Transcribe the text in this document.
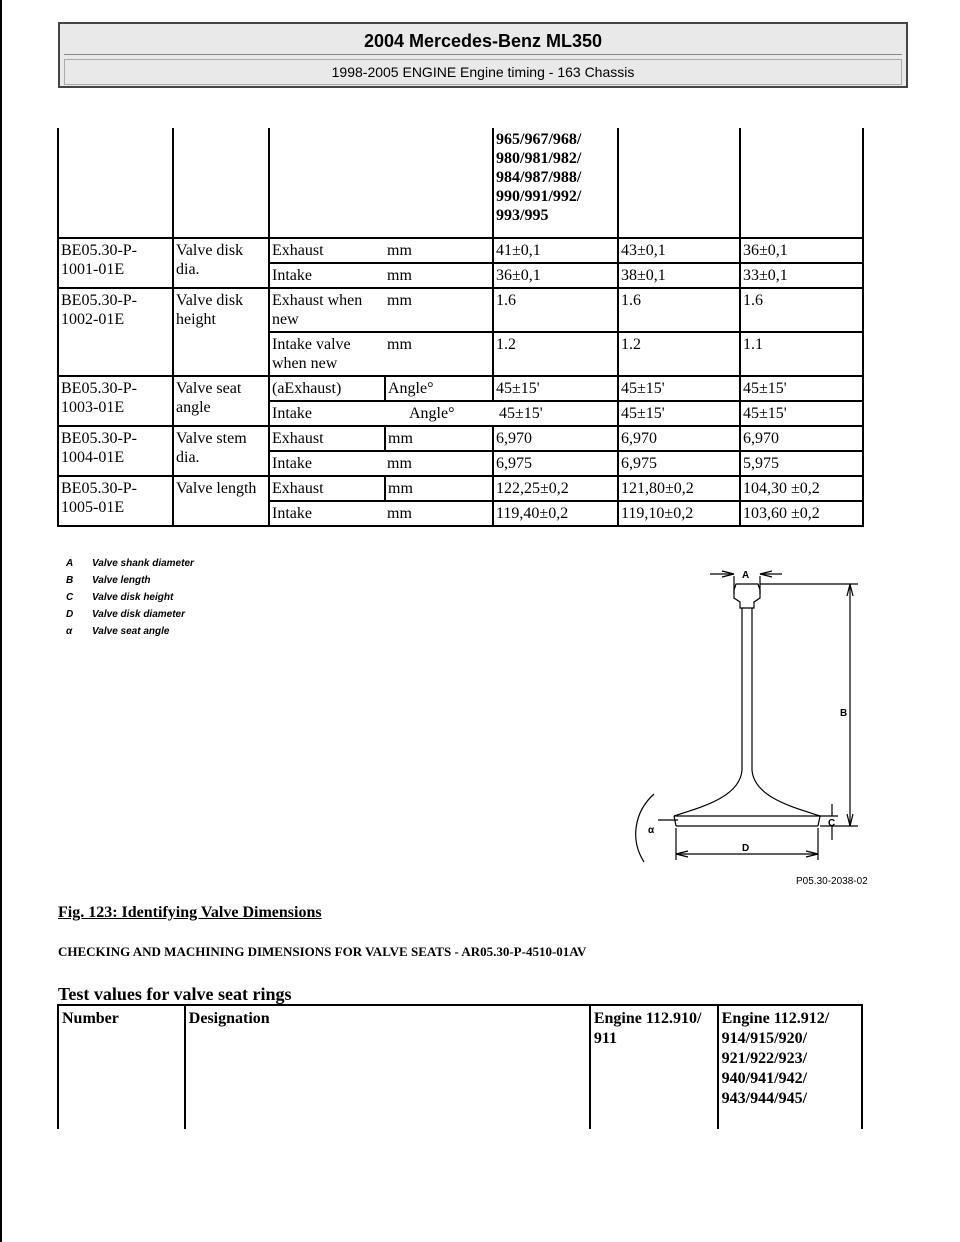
2004 Mercedes-Benz ML350
1998-2005 ENGINE Engine timing - 163 Chassis
				965/967/968/ 980/981/982/ 984/987/988/ 990/991/992/ 993/995		
BE05.30-P-1001-01E	Valve disk dia.	Exhaust	mm	41±0,1	43±0,1	36±0,1
		Intake	mm	36±0,1	38±0,1	33±0,1
BE05.30-P-1002-01E	Valve disk height	Exhaust when new	mm	1.6	1.6	1.6
		Intake valve when new	mm	1.2	1.2	1.1
BE05.30-P-1003-01E	Valve seat angle	(aExhaust)	Angle°	45±15'	45±15'	45±15'
		Intake	Angle°	45±15'	45±15'	45±15'
BE05.30-P-1004-01E	Valve stem dia.	Exhaust	mm	6,970	6,970	6,970
		Intake	mm	6,975	6,975	5,975
BE05.30-P-1005-01E	Valve length	Exhaust	mm	122,25±0,2	121,80±0,2	104,30 ±0,2
		Intake	mm	119,40±0,2	119,10±0,2	103,60 ±0,2
A	Valve shank diameter
B	Valve length
C	Valve disk height
D	Valve disk diameter
α	Valve seat angle
A
B
C
D
α
P05.30-2038-02
Fig. 123: Identifying Valve Dimensions
CHECKING AND MACHINING DIMENSIONS FOR VALVE SEATS - AR05.30-P-4510-01AV
Test values for valve seat rings
Number	Designation	Engine 112.910/ 911	Engine 112.912/ 914/915/920/ 921/922/923/ 940/941/942/ 943/944/945/
